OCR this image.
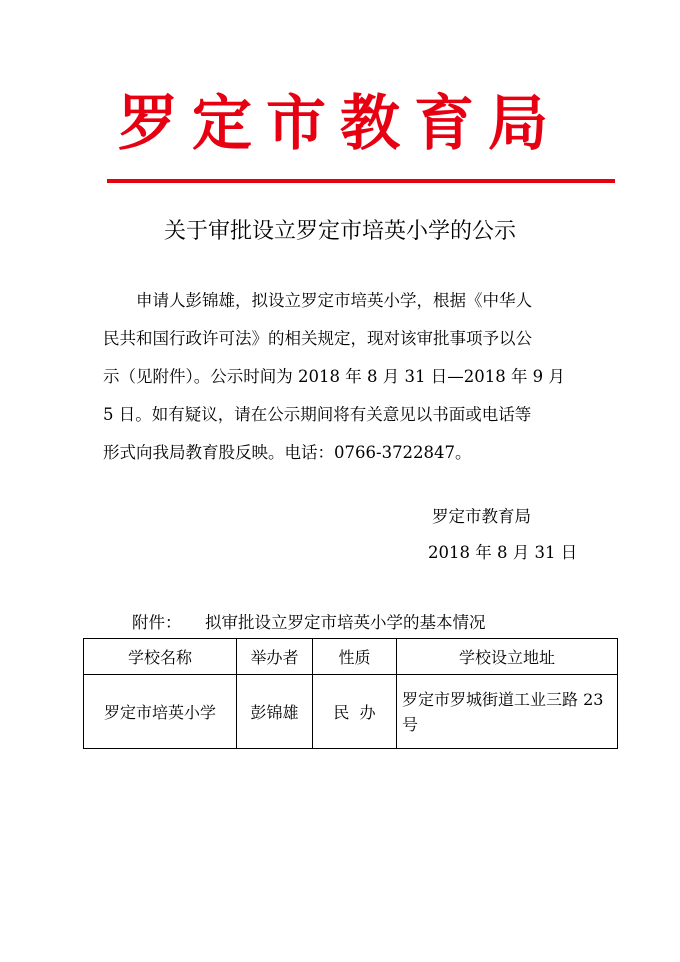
罗定市教育局
关于审批设立罗定市培英小学的公示
申请人彭锦雄，拟设立罗定市培英小学，根据《中华人
民共和国行政许可法》的相关规定，现对该审批事项予以公
示（见附件）。公示时间为 2018 年 8 月 31 日—2018 年 9 月
5 日。如有疑议，请在公示期间将有关意见以书面或电话等
形式向我局教育股反映。电话：0766-3722847。
罗定市教育局
2018 年 8 月 31 日
附件： 拟审批设立罗定市培英小学的基本情况
学校名称	举办者	性质	学校设立地址
罗定市培英小学	彭锦雄	民  办	罗定市罗城街道工业三路 23
号
